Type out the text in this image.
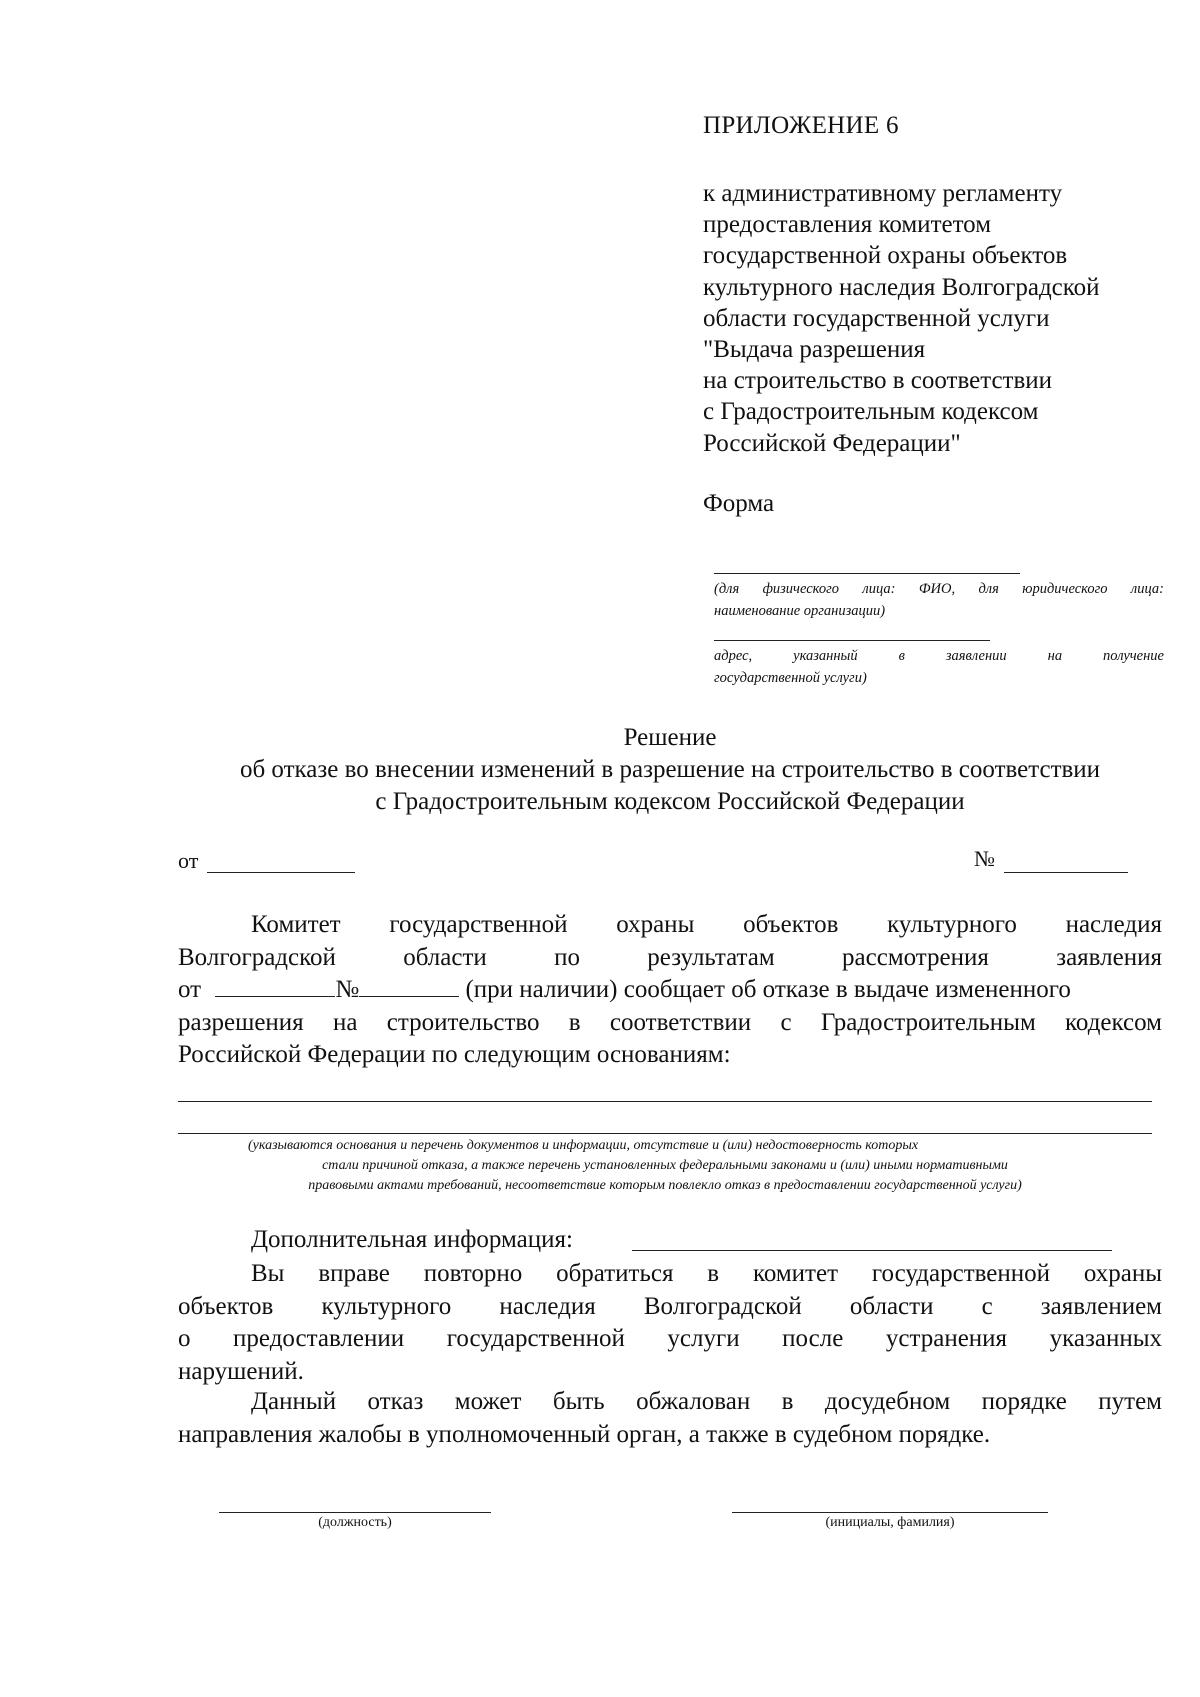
ПРИЛОЖЕНИЕ 6
к административному регламенту
предоставления комитетом
государственной охраны объектов
культурного наследия Волгоградской
области государственной услуги
"Выдача разрешения
на строительство в соответствии
с Градостроительным кодексом
Российской Федерации"
Форма
(для физического лица: ФИО, для юридического лица:
наименование организации)
адрес, указанный в заявлении на получение
государственной услуги)
Решение
об отказе во внесении изменений в разрешение на строительство в соответствии
с Градостроительным кодексом Российской Федерации
от	№
Комитет государственной охраны объектов культурного наследия
Волгоградской области по результатам рассмотрения заявления
от	№	(при наличии) сообщает об отказе в выдаче измененного
разрешения на строительство в соответствии с Градостроительным кодексом
Российской Федерации по следующим основаниям:
(указываются основания и перечень документов и информации, отсутствие и (или) недостоверность которых
стали причиной отказа, а также перечень установленных федеральными законами и (или) иными нормативными
правовыми актами требований, несоответствие которым повлекло отказ в предоставлении государственной услуги)
Дополнительная информация:
Вы вправе повторно обратиться в комитет государственной охраны
объектов культурного наследия Волгоградской области с заявлением
о предоставлении государственной услуги после устранения указанных
нарушений.
Данный отказ может быть обжалован в досудебном порядке путем
направления жалобы в уполномоченный орган, а также в судебном порядке.
(должность)	(инициалы, фамилия)
